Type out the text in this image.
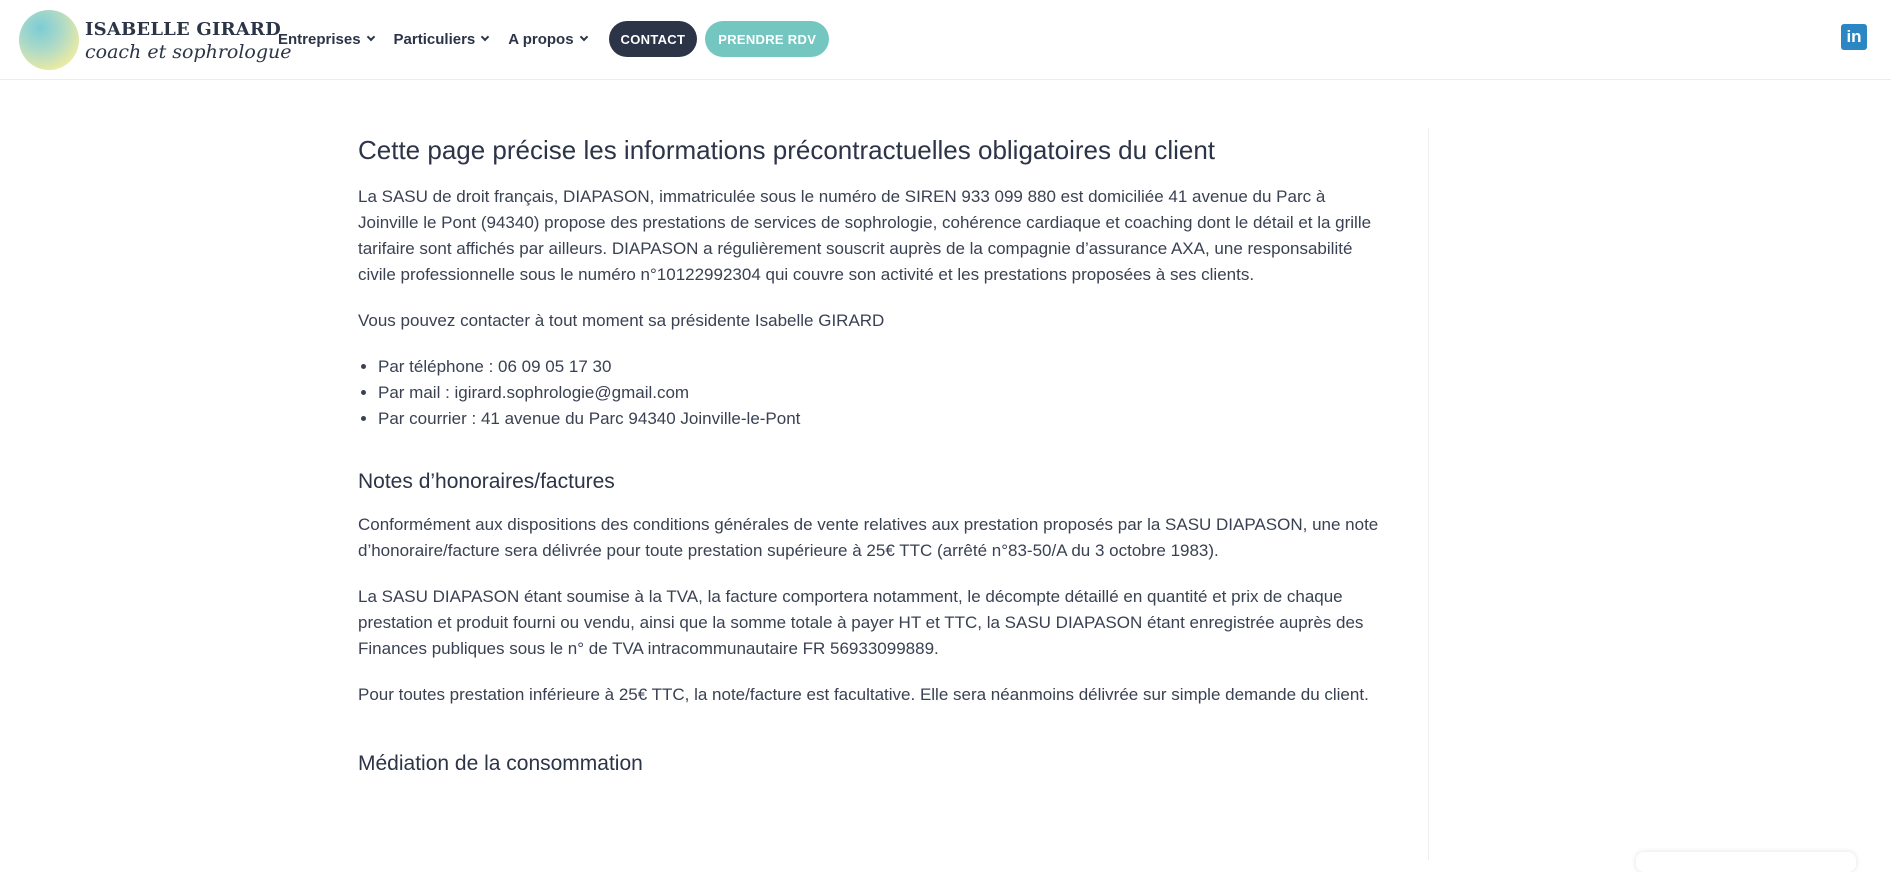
ISABELLE GIRARD
coach et sophrologue
Entreprises Particuliers A propos	CONTACT	PRENDRE RDV	in
Cette page précise les informations précontractuelles obligatoires du client

La SASU de droit français, DIAPASON, immatriculée sous le numéro de SIREN 933 099 880 est domiciliée 41 avenue du Parc à Joinville le Pont (94340) propose des prestations de services de sophrologie, cohérence cardiaque et coaching dont le détail et la grille tarifaire sont affichés par ailleurs. DIAPASON a régulièrement souscrit auprès de la compagnie d’assurance AXA, une responsabilité civile professionnelle sous le numéro n°10122992304 qui couvre son activité et les prestations proposées à ses clients.

Vous pouvez contacter à tout moment sa présidente Isabelle GIRARD

• Par téléphone : 06 09 05 17 30
• Par mail : igirard.sophrologie@gmail.com
• Par courrier : 41 avenue du Parc 94340 Joinville-le-Pont
Notes d’honoraires/factures

Conformément aux dispositions des conditions générales de vente relatives aux prestation proposés par la SASU DIAPASON, une note d’honoraire/facture sera délivrée pour toute prestation supérieure à 25€ TTC (arrêté n°83-50/A du 3 octobre 1983).

La SASU DIAPASON étant soumise à la TVA, la facture comportera notamment, le décompte détaillé en quantité et prix de chaque prestation et produit fourni ou vendu, ainsi que la somme totale à payer HT et TTC, la SASU DIAPASON étant enregistrée auprès des Finances publiques sous le n° de TVA intracommunautaire FR 56933099889.

Pour toutes prestation inférieure à 25€ TTC, la note/facture est facultative. Elle sera néanmoins délivrée sur simple demande du client.

Médiation de la consommation
